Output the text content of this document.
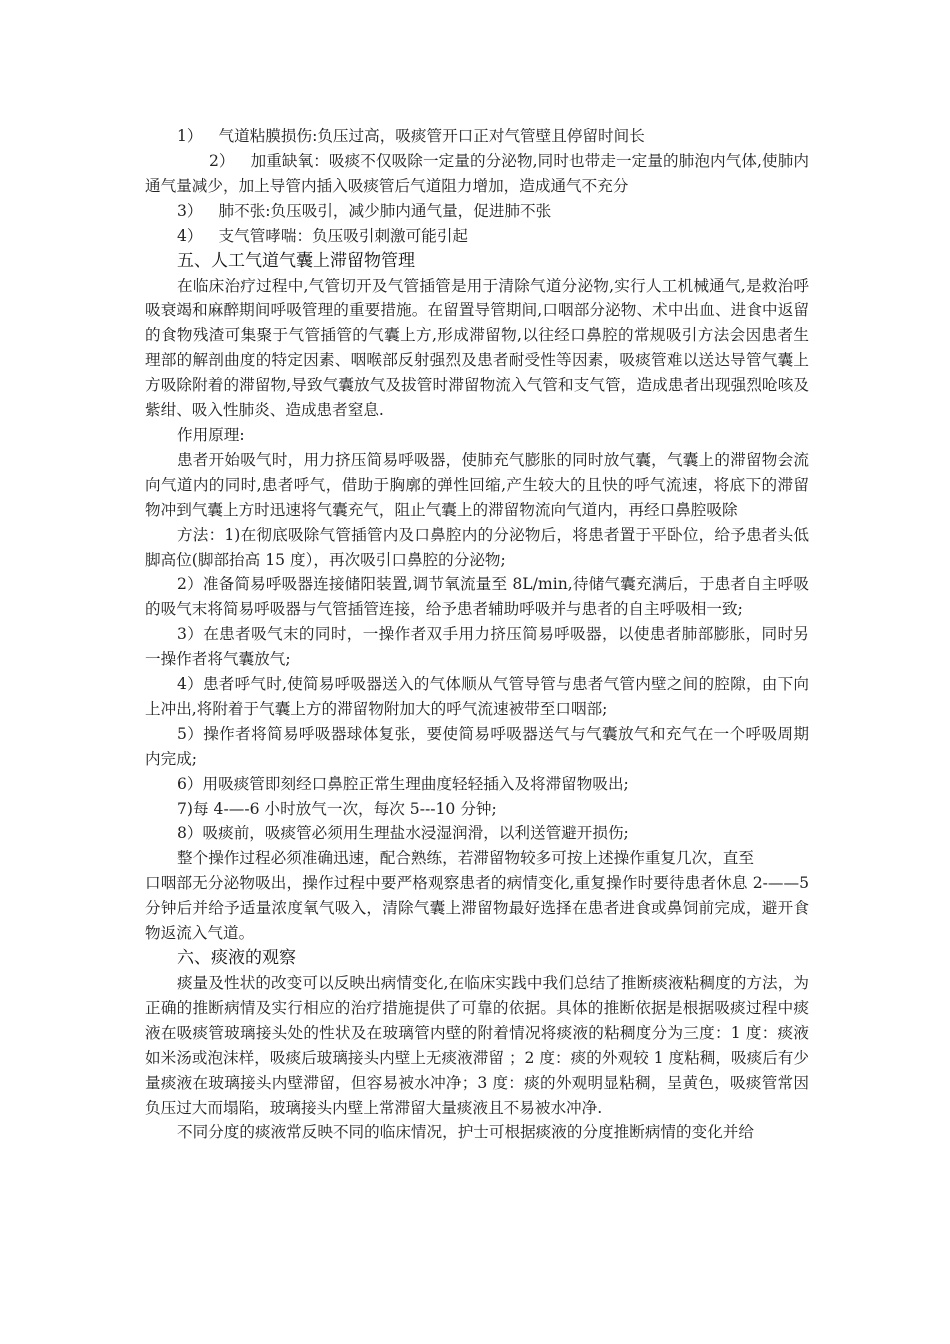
1） 气道粘膜损伤:负压过高，吸痰管开口正对气管壁且停留时间长
2） 加重缺氧：吸痰不仅吸除一定量的分泌物,同时也带走一定量的肺泡内气体,使肺内通气量减少，加上导管内插入吸痰管后气道阻力增加，造成通气不充分
3） 肺不张:负压吸引，减少肺内通气量，促进肺不张
4） 支气管哮喘：负压吸引刺激可能引起
五、人工气道气囊上滞留物管理

在临床治疗过程中,气管切开及气管插管是用于清除气道分泌物,实行人工机械通气,是救治呼吸衰竭和麻醉期间呼吸管理的重要措施。在留置导管期间,口咽部分泌物、术中出血、进食中返留的食物残渣可集聚于气管插管的气囊上方,形成滞留物,以往经口鼻腔的常规吸引方法会因患者生理部的解剖曲度的特定因素、咽喉部反射强烈及患者耐受性等因素，吸痰管难以送达导管气囊上方吸除附着的滞留物,导致气囊放气及拔管时滞留物流入气管和支气管，造成患者出现强烈呛咳及紫绀、吸入性肺炎、造成患者窒息.

作用原理:

患者开始吸气时，用力挤压简易呼吸器，使肺充气膨胀的同时放气囊，气囊上的滞留物会流向气道内的同时,患者呼气，借助于胸廓的弹性回缩,产生较大的且快的呼气流速，将底下的滞留物冲到气囊上方时迅速将气囊充气，阻止气囊上的滞留物流向气道内，再经口鼻腔吸除

方法：1)在彻底吸除气管插管内及口鼻腔内的分泌物后，将患者置于平卧位，给予患者头低脚高位(脚部抬高 15 度），再次吸引口鼻腔的分泌物;

2）准备简易呼吸器连接储阳装置,调节氧流量至 8L/min,待储气囊充满后，于患者自主呼吸的吸气末将简易呼吸器与气管插管连接，给予患者辅助呼吸并与患者的自主呼吸相一致;

3）在患者吸气末的同时，一操作者双手用力挤压简易呼吸器，以使患者肺部膨胀，同时另一操作者将气囊放气;

4）患者呼气时,使简易呼吸器送入的气体顺从气管导管与患者气管内壁之间的腔隙，由下向上冲出,将附着于气囊上方的滞留物附加大的呼气流速被带至口咽部;

5）操作者将简易呼吸器球体复张，要使简易呼吸器送气与气囊放气和充气在一个呼吸周期内完成;

6）用吸痰管即刻经口鼻腔正常生理曲度轻轻插入及将滞留物吸出;

7)每 4-—-6 小时放气一次，每次 5---10 分钟;

8）吸痰前，吸痰管必须用生理盐水浸湿润滑，以利送管避开损伤;

整个操作过程必须准确迅速，配合熟练，若滞留物较多可按上述操作重复几次，直至

口咽部无分泌物吸出，操作过程中要严格观察患者的病情变化,重复操作时要待患者休息 2-——5 分钟后并给予适量浓度氧气吸入，清除气囊上滞留物最好选择在患者进食或鼻饲前完成，避开食物返流入气道。

六、痰液的观察

痰量及性状的改变可以反映出病情变化,在临床实践中我们总结了推断痰液粘稠度的方法，为正确的推断病情及实行相应的治疗措施提供了可靠的依据。具体的推断依据是根据吸痰过程中痰液在吸痰管玻璃接头处的性状及在玻璃管内壁的附着情况将痰液的粘稠度分为三度：1 度：痰液如米汤或泡沫样，吸痰后玻璃接头内壁上无痰液滞留 ；2 度：痰的外观较 1 度粘稠，吸痰后有少量痰液在玻璃接头内壁滞留，但容易被水冲净；3 度：痰的外观明显粘稠，呈黄色，吸痰管常因负压过大而塌陷，玻璃接头内壁上常滞留大量痰液且不易被水冲净.

不同分度的痰液常反映不同的临床情况，护士可根据痰液的分度推断病情的变化并给
